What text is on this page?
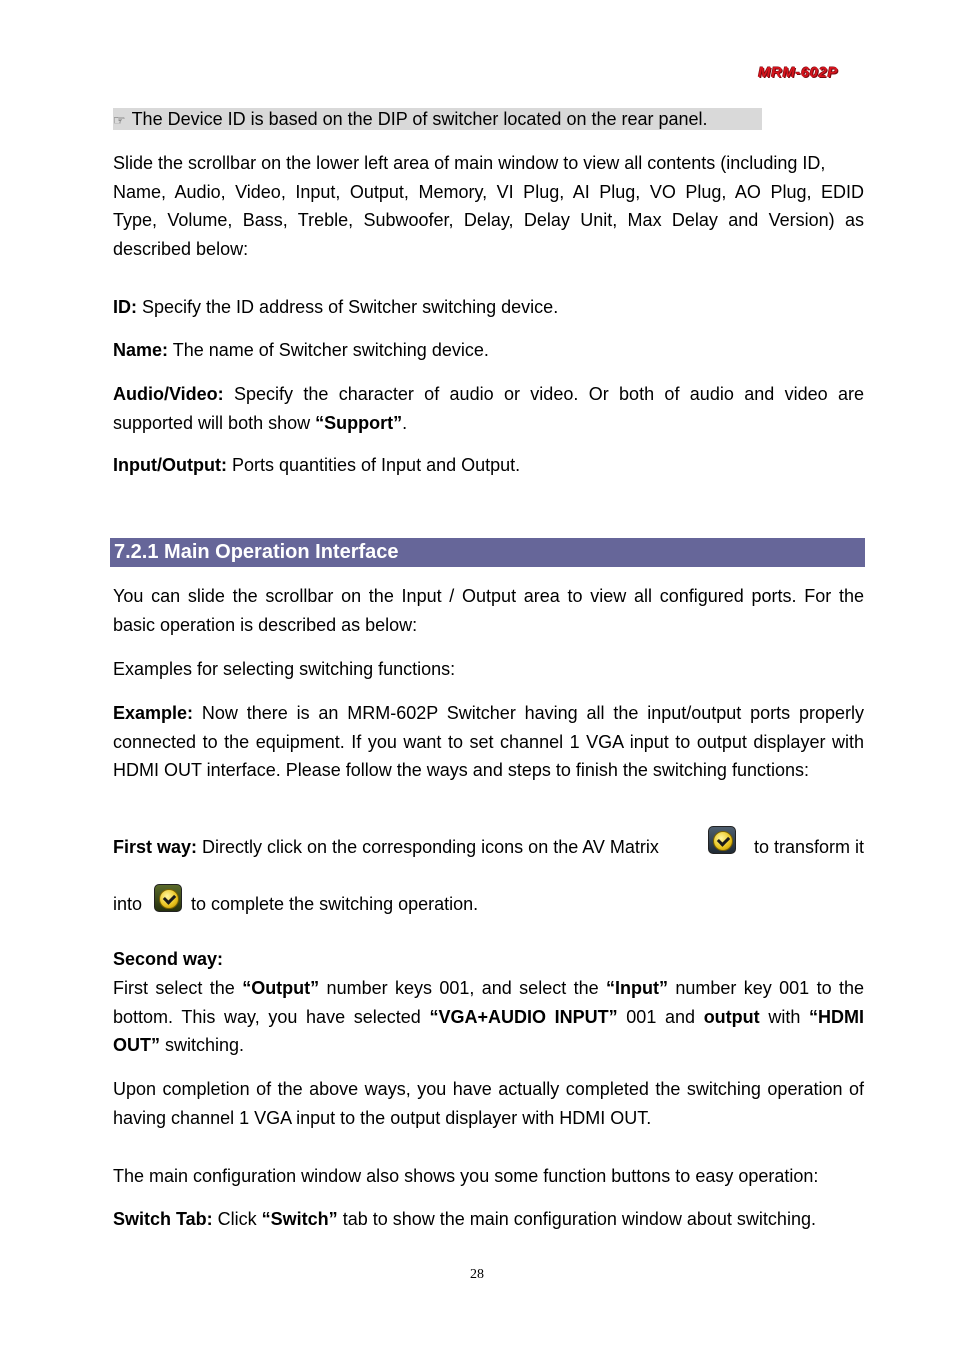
MRM-602P
☞ The Device ID is based on the DIP of switcher located on the rear panel.
Slide the scrollbar on the lower left area of main window to view all contents (including ID,
Name, Audio, Video, Input, Output, Memory, VI Plug, AI Plug, VO Plug, AO Plug, EDID
Type, Volume, Bass, Treble, Subwoofer, Delay, Delay Unit, Max Delay and Version) as
described below:
ID: Specify the ID address of Switcher switching device.
Name: The name of Switcher switching device.
Audio/Video: Specify the character of audio or video. Or both of audio and video are supported will both show “Support”.
Input/Output: Ports quantities of Input and Output.
You can slide the scrollbar on the Input / Output area to view all configured ports. For the basic operation is described as below:
Examples for selecting switching functions:
Example: Now there is an MRM-602P Switcher having all the input/output ports properly connected to the equipment. If you want to set channel 1 VGA input to output displayer with HDMI OUT interface. Please follow the ways and steps to finish the switching functions:
First way: Directly click on the corresponding icons on the AV Matrix	to transform it
into	to complete the switching operation.
Second way:
First select the “Output” number keys 001, and select the “Input” number key 001 to the bottom. This way, you have selected “VGA+AUDIO INPUT” 001 and output with “HDMI OUT” switching.
Upon completion of the above ways, you have actually completed the switching operation of having channel 1 VGA input to the output displayer with HDMI OUT.
The main configuration window also shows you some function buttons to easy operation:
Switch Tab: Click “Switch” tab to show the main configuration window about switching.
7.2.1 Main Operation Interface
28
